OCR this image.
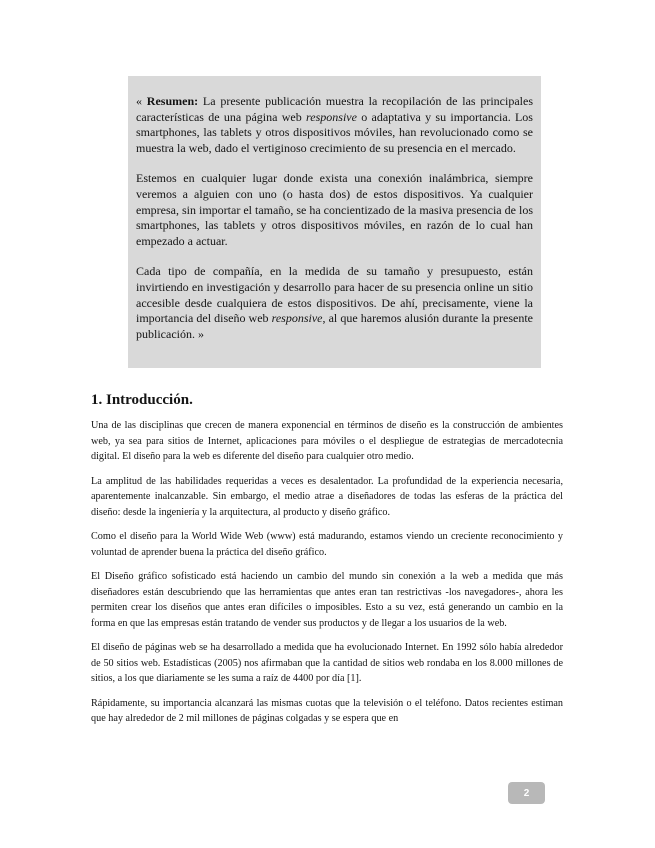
« Resumen: La presente publicación muestra la recopilación de las principales características de una página web responsive o adaptativa y su importancia. Los smartphones, las tablets y otros dispositivos móviles, han revolucionado como se muestra la web, dado el vertiginoso crecimiento de su presencia en el mercado.

Estemos en cualquier lugar donde exista una conexión inalámbrica, siempre veremos a alguien con uno (o hasta dos) de estos dispositivos. Ya cualquier empresa, sin importar el tamaño, se ha concientizado de la masiva presencia de los smartphones, las tablets y otros dispositivos móviles, en razón de lo cual han empezado a actuar.

Cada tipo de compañía, en la medida de su tamaño y presupuesto, están invirtiendo en investigación y desarrollo para hacer de su presencia online un sitio accesible desde cualquiera de estos dispositivos. De ahí, precisamente, viene la importancia del diseño web responsive, al que haremos alusión durante la presente publicación. »

1. Introducción.

Una de las disciplinas que crecen de manera exponencial en términos de diseño es la construcción de ambientes web, ya sea para sitios de Internet, aplicaciones para móviles o el despliegue de estrategias de mercadotecnia digital. El diseño para la web es diferente del diseño para cualquier otro medio.

La amplitud de las habilidades requeridas a veces es desalentador. La profundidad de la experiencia necesaria, aparentemente inalcanzable. Sin embargo, el medio atrae a diseñadores de todas las esferas de la práctica del diseño: desde la ingeniería y la arquitectura, al producto y diseño gráfico.

Como el diseño para la World Wide Web (www) está madurando, estamos viendo un creciente reconocimiento y voluntad de aprender buena la práctica del diseño gráfico.

El Diseño gráfico sofisticado está haciendo un cambio del mundo sin conexión a la web a medida que más diseñadores están descubriendo que las herramientas que antes eran tan restrictivas -los navegadores-, ahora les permiten crear los diseños que antes eran difíciles o imposibles. Esto a su vez, está generando un cambio en la forma en que las empresas están tratando de vender sus productos y de llegar a los usuarios de la web.

El diseño de páginas web se ha desarrollado a medida que ha evolucionado Internet. En 1992 sólo había alrededor de 50 sitios web. Estadísticas (2005) nos afirmaban que la cantidad de sitios web rondaba en los 8.000 millones de sitios, a los que diariamente se les suma a raíz de 4400 por día [1].

Rápidamente, su importancia alcanzará las mismas cuotas que la televisión o el teléfono. Datos recientes estiman que hay alrededor de 2 mil millones de páginas colgadas y se espera que en

2
